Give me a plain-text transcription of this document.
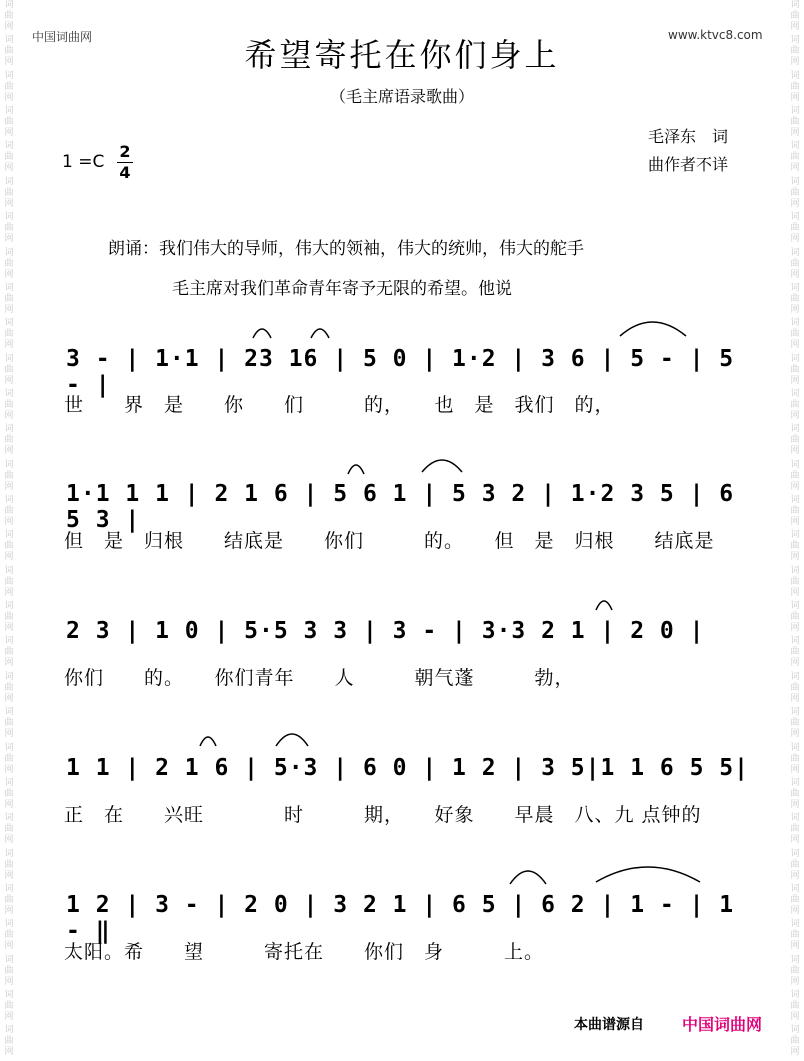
词
曲
网
词
曲
网
词
曲
网
词
曲
网
词
曲
网
词
曲
网
词
曲
网
词
曲
网
词
曲
网
词
曲
网
词
曲
网
词
曲
网
词
曲
网
词
曲
网
词
曲
网
词
曲
网
词
曲
网
词
曲
网
词
曲
网
词
曲
网
词
曲
网
词
曲
网
词
曲
网
词
曲
网
词
曲
网
词
曲
网
词
曲
网
词
曲
网
词
曲
网
词
曲
网
词
曲
网
词
曲
网
词
曲
网
词
曲
网
词
曲
网
词
曲
网
词
曲
网
词
曲
网
词
曲
网
词
曲
网
词
曲
网
词
曲
网
词
曲
网
词
曲
网
词
曲
网
词
曲
网
词
曲
网
词
曲
网
词
曲
网
词
曲
网
词
曲
网
词
曲
网
词
曲
网
词
曲
网
词
曲
网
词
曲
网
词
曲
网
词
曲
网
词
曲
网
词
曲
网
中国词曲网	www.ktvc8.com
希望寄托在你们身上
（毛主席语录歌曲）
毛泽东　词
曲作者不详
1 =C
2
4
朗诵：我们伟大的导师，伟大的领袖，伟大的统帅，伟大的舵手
毛主席对我们革命青年寄予无限的希望。他说
3 - | 1·1 | 23 16 | 5 0 | 1·2 | 3 6 | 5 - | 5 - |
世　　界　是　　你　　们　　　的，　　也　是　我们　的，
1·1 1 1 | 2 1 6 | 5 6 1 | 5 3 2 | 1·2 3 5 | 6 5 3 |
但　是　归根　　结底是　　你们　　　的。　　但　是　归根　　结底是
2 3 | 1 0 | 5·5 3 3 | 3 - | 3·3 2 1 | 2 0 |
你们　　的。　　你们青年　　人　　　朝气蓬　　　勃，
1 1 | 2 1 6 | 5·3 | 6 0 | 1 2 | 3 5|1 1 6 5 5|
正　在　　兴旺　　　　时　　　期，　　好象　　早晨　八、九 点钟的
1 2 | 3 - | 2 0 | 3 2 1 | 6 5 | 6 2 | 1 - | 1 - ‖
太阳。希　　望　　　寄托在　　你们　身　　　上。
本曲谱源自 中国词曲网
